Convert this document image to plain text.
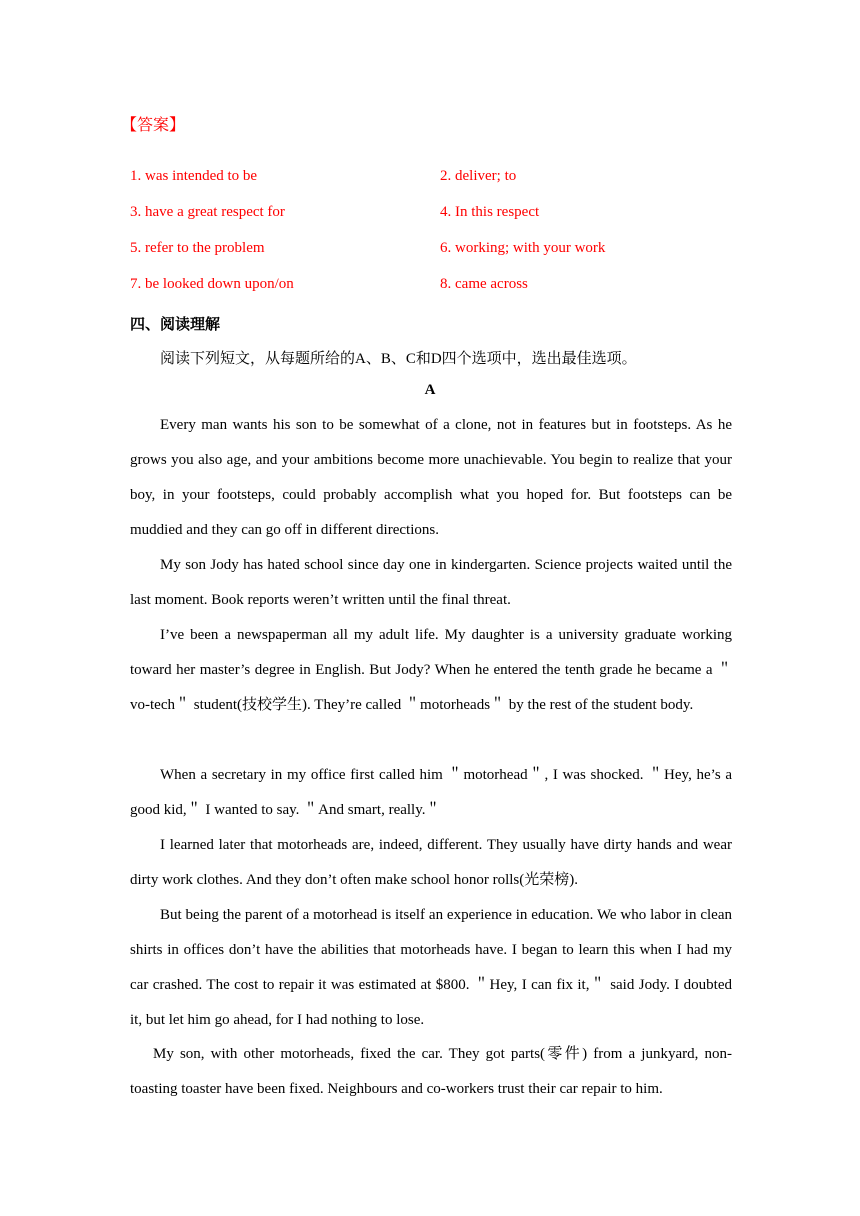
【答案】
1. was intended to be	2. deliver; to
3. have a great respect for	4. In this respect
5. refer to the problem	6. working; with your work
7. be looked down upon/on	8. came across
四、阅读理解
阅读下列短文，从每题所给的A、B、C和D四个选项中，选出最佳选项。
A

Every man wants his son to be somewhat of a clone, not in features but in footsteps. As he grows you also age, and your ambitions become more unachievable. You begin to realize that your boy, in your footsteps, could probably accomplish what you hoped for. But footsteps can be muddied and they can go off in different directions.

My son Jody has hated school since day one in kindergarten. Science projects waited until the last moment. Book reports weren’t written until the final threat.

I’ve been a newspaperman all my adult life. My daughter is a university graduate working toward her master’s degree in English. But Jody? When he entered the tenth grade he became a ＂vo-tech＂ student(技校学生). They’re called ＂motorheads＂ by the rest of the student body.

When a secretary in my office first called him ＂motorhead＂, I was shocked. ＂Hey, he’s a good kid,＂ I wanted to say. ＂And smart, really.＂

I learned later that motorheads are, indeed, different. They usually have dirty hands and wear dirty work clothes. And they don’t often make school honor rolls(光荣榜).

But being the parent of a motorhead is itself an experience in education. We who labor in clean shirts in offices don’t have the abilities that motorheads have. I began to learn this when I had my car crashed. The cost to repair it was estimated at $800. ＂Hey, I can fix it,＂ said Jody. I doubted it, but let him go ahead, for I had nothing to lose.

My son, with other motorheads, fixed the car. They got parts(零件) from a junkyard, non-toasting toaster have been fixed. Neighbours and co-workers trust their car repair to him.
